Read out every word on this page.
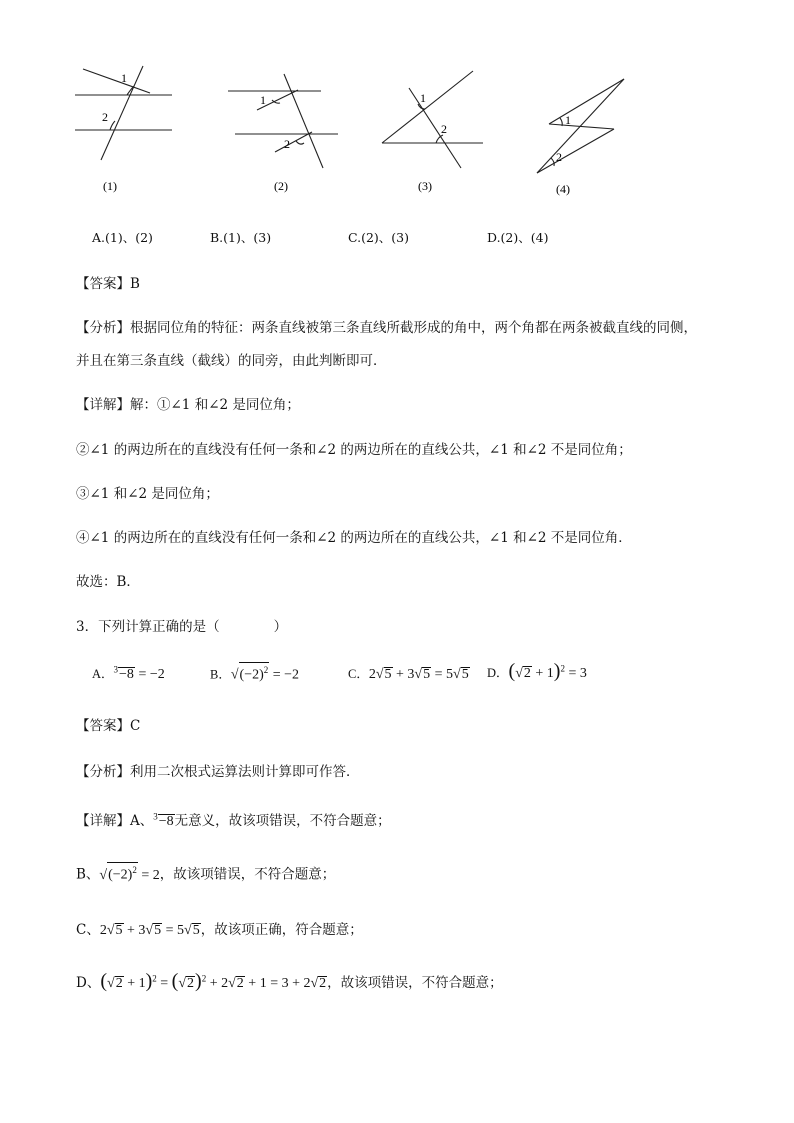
1
2
(1)
1
2
(2)
1
2
(3)
1
2
(4)
A.(1)、(2)	B.(1)、(3)	C.(2)、(3)	D.(2)、(4)
【答案】B
【分析】根据同位角的特征：两条直线被第三条直线所截形成的角中，两个角都在两条被截直线的同侧，
并且在第三条直线（截线）的同旁，由此判断即可．
【详解】解：①∠1 和∠2 是同位角；
②∠1 的两边所在的直线没有任何一条和∠2 的两边所在的直线公共，∠1 和∠2 不是同位角；
③∠1 和∠2 是同位角；
④∠1 的两边所在的直线没有任何一条和∠2 的两边所在的直线公共，∠1 和∠2 不是同位角．
故选：B．
3．下列计算正确的是（　　　　）
A．$^3$−8 = −2	B．$√(-2)^2 = -2$	C．2√5 + 3√5 = 5√5 D．$(√2 + 1)^2 = 3$
【答案】C
【分析】利用二次根式运算法则计算即可作答．
【详解】A、$^3$−8无意义，故该项错误，不符合题意；
B、$√(-2)^2 = 2$，故该项错误，不符合题意；
C、2√5 + 3√5 = 5√5，故该项正确，符合题意；
D、$(√2 + 1)^2 = (√2)^2 + 2√2 + 1 = 3 + 2√2$，故该项错误，不符合题意；
